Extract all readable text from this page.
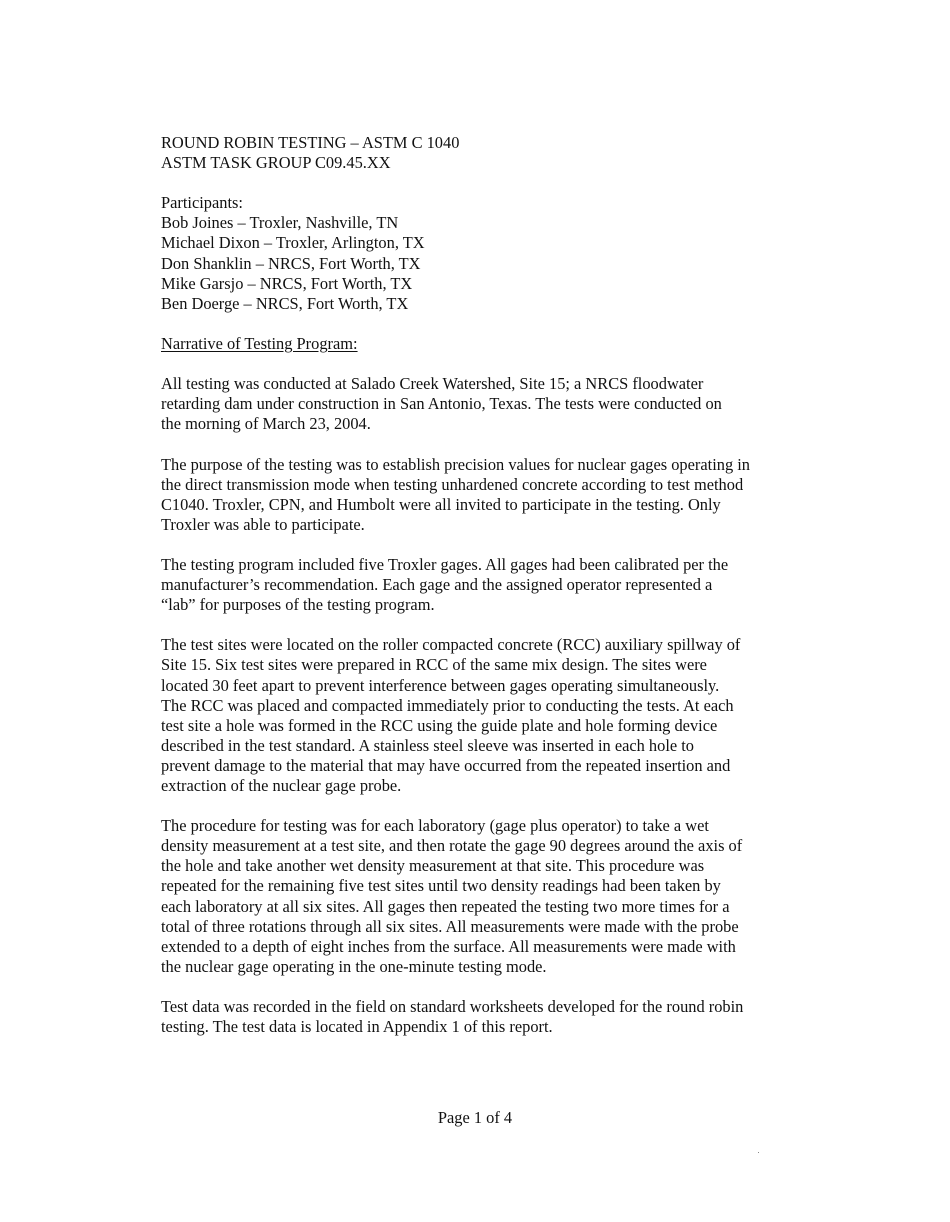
ROUND ROBIN TESTING – ASTM C 1040
ASTM TASK GROUP C09.45.XX
Participants:
Bob Joines – Troxler, Nashville, TN
Michael Dixon – Troxler, Arlington, TX
Don Shanklin – NRCS, Fort Worth, TX
Mike Garsjo – NRCS, Fort Worth, TX
Ben Doerge – NRCS, Fort Worth, TX
Narrative of Testing Program:
All testing was conducted at Salado Creek Watershed, Site 15; a NRCS floodwater
retarding dam under construction in San Antonio, Texas. The tests were conducted on
the morning of March 23, 2004.
The purpose of the testing was to establish precision values for nuclear gages operating in
the direct transmission mode when testing unhardened concrete according to test method
C1040. Troxler, CPN, and Humbolt were all invited to participate in the testing. Only
Troxler was able to participate.
The testing program included five Troxler gages. All gages had been calibrated per the
manufacturer’s recommendation. Each gage and the assigned operator represented a
“lab” for purposes of the testing program.
The test sites were located on the roller compacted concrete (RCC) auxiliary spillway of
Site 15. Six test sites were prepared in RCC of the same mix design. The sites were
located 30 feet apart to prevent interference between gages operating simultaneously.
The RCC was placed and compacted immediately prior to conducting the tests. At each
test site a hole was formed in the RCC using the guide plate and hole forming device
described in the test standard. A stainless steel sleeve was inserted in each hole to
prevent damage to the material that may have occurred from the repeated insertion and
extraction of the nuclear gage probe.
The procedure for testing was for each laboratory (gage plus operator) to take a wet
density measurement at a test site, and then rotate the gage 90 degrees around the axis of
the hole and take another wet density measurement at that site. This procedure was
repeated for the remaining five test sites until two density readings had been taken by
each laboratory at all six sites. All gages then repeated the testing two more times for a
total of three rotations through all six sites. All measurements were made with the probe
extended to a depth of eight inches from the surface. All measurements were made with
the nuclear gage operating in the one-minute testing mode.
Test data was recorded in the field on standard worksheets developed for the round robin
testing. The test data is located in Appendix 1 of this report.
Page 1 of 4
